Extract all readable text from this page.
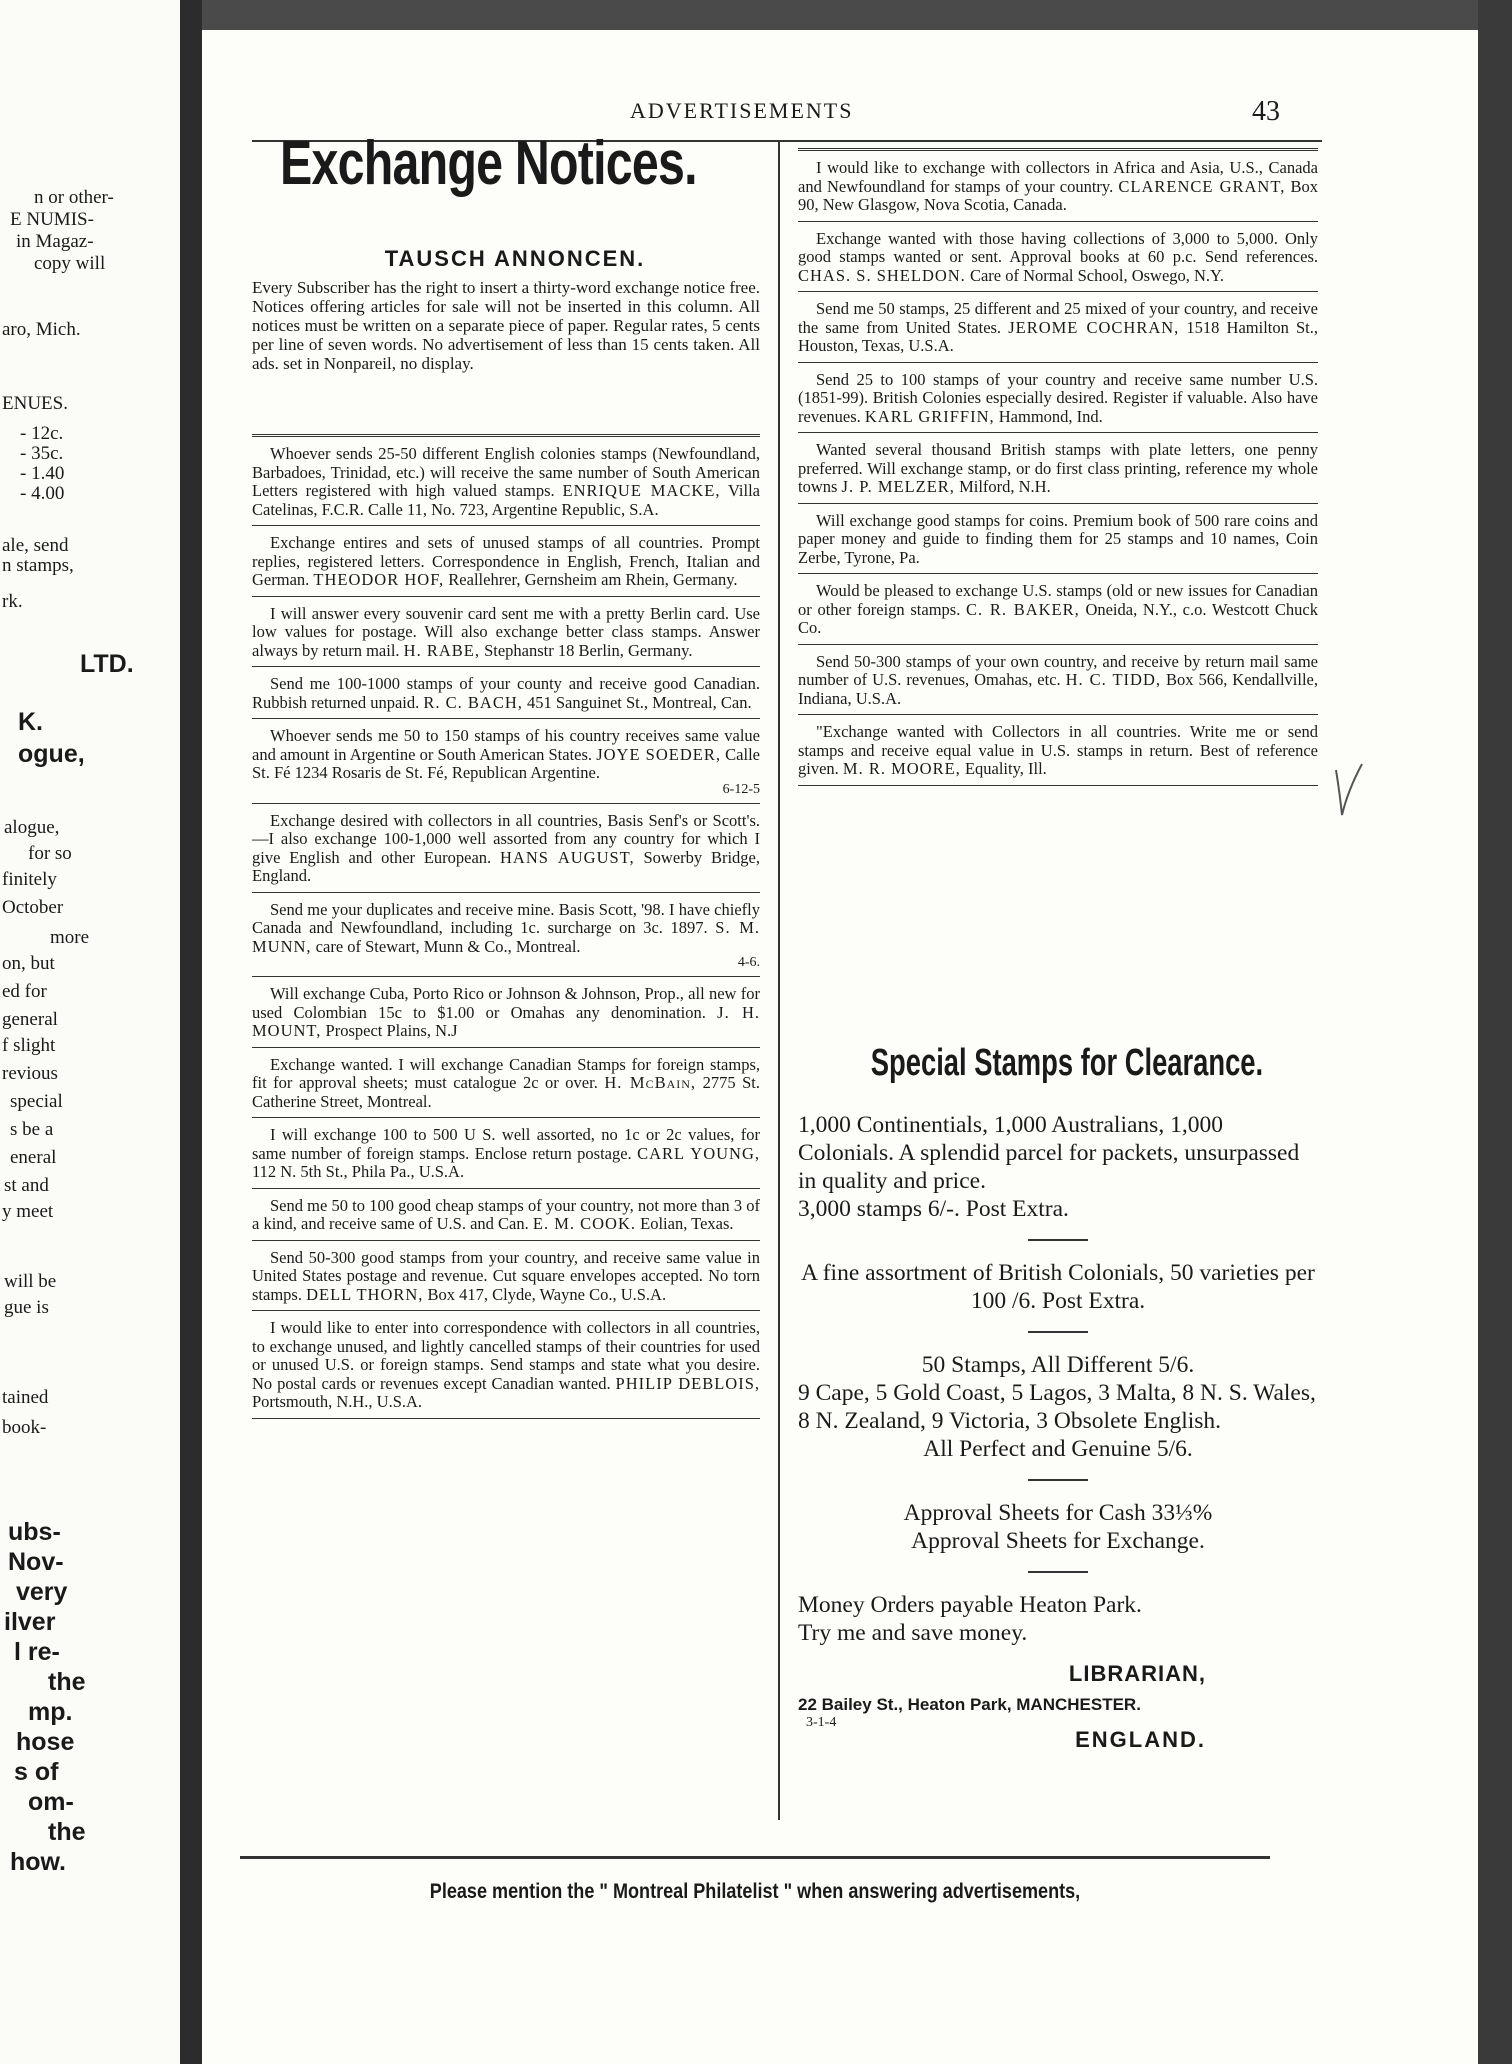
n or other-
E NUMIS-
in Magaz-
copy will
aro, Mich.
ENUES.
- 12c.
- 35c.
- 1.40
- 4.00
ale, send
n stamps,
rk.
LTD.
K.
ogue,
alogue,
for so
finitely
October
more
on, but
ed for
general
f slight
revious
special
s be a
eneral
st and
y meet
will be
gue is
tained
book-
ubs-
Nov-
very
ilver
l re-
the
mp.
hose
s of
om-
the
how.
ADVERTISEMENTS	43
Exchange Notices.
TAUSCH ANNONCEN.
Every Subscriber has the right to insert a thirty-word exchange notice free. Notices offering articles for sale will not be inserted in this column. All notices must be written on a separate piece of paper. Regular rates, 5 cents per line of seven words. No advertisement of less than 15 cents taken. All ads. set in Nonpareil, no display.
Whoever sends 25-50 different English colonies stamps (Newfoundland, Barbadoes, Trinidad, etc.) will receive the same number of South American Letters registered with high valued stamps. ENRIQUE MACKE, Villa Catelinas, F.C.R. Calle 11, No. 723, Argentine Republic, S.A.
Exchange entires and sets of unused stamps of all countries. Prompt replies, registered letters. Correspondence in English, French, Italian and German. THEODOR HOF, Reallehrer, Gernsheim am Rhein, Germany.
I will answer every souvenir card sent me with a pretty Berlin card. Use low values for postage. Will also exchange better class stamps. Answer always by return mail. H. RABE, Stephanstr 18 Berlin, Germany.
Send me 100-1000 stamps of your county and receive good Canadian. Rubbish returned unpaid. R. C. BACH, 451 Sanguinet St., Montreal, Can.
Whoever sends me 50 to 150 stamps of his country receives same value and amount in Argentine or South American States. JOYE SOEDER, Calle St. Fé 1234 Rosaris de St. Fé, Republican Argentine.
6-12-5
Exchange desired with collectors in all countries, Basis Senf's or Scott's.—I also exchange 100-1,000 well assorted from any country for which I give English and other European. HANS AUGUST, Sowerby Bridge, England.
Send me your duplicates and receive mine. Basis Scott, '98. I have chiefly Canada and Newfoundland, including 1c. surcharge on 3c. 1897. S. M. MUNN, care of Stewart, Munn & Co., Montreal.
4-6.
Will exchange Cuba, Porto Rico or Johnson & Johnson, Prop., all new for used Colombian 15c to $1.00 or Omahas any denomination. J. H. MOUNT, Prospect Plains, N.J
Exchange wanted. I will exchange Canadian Stamps for foreign stamps, fit for approval sheets; must catalogue 2c or over. H. McBain, 2775 St. Catherine Street, Montreal.
I will exchange 100 to 500 U S. well assorted, no 1c or 2c values, for same number of foreign stamps. Enclose return postage. CARL YOUNG, 112 N. 5th St., Phila Pa., U.S.A.
Send me 50 to 100 good cheap stamps of your country, not more than 3 of a kind, and receive same of U.S. and Can. E. M. COOK. Eolian, Texas.
Send 50-300 good stamps from your country, and receive same value in United States postage and revenue. Cut square envelopes accepted. No torn stamps. DELL THORN, Box 417, Clyde, Wayne Co., U.S.A.
I would like to enter into correspondence with collectors in all countries, to exchange unused, and lightly cancelled stamps of their countries for used or unused U.S. or foreign stamps. Send stamps and state what you desire. No postal cards or revenues except Canadian wanted. PHILIP DEBLOIS, Portsmouth, N.H., U.S.A.
I would like to exchange with collectors in Africa and Asia, U.S., Canada and Newfoundland for stamps of your country. CLARENCE GRANT, Box 90, New Glasgow, Nova Scotia, Canada.
Exchange wanted with those having collections of 3,000 to 5,000. Only good stamps wanted or sent. Approval books at 60 p.c. Send references. CHAS. S. SHELDON. Care of Normal School, Oswego, N.Y.
Send me 50 stamps, 25 different and 25 mixed of your country, and receive the same from United States. JEROME COCHRAN, 1518 Hamilton St., Houston, Texas, U.S.A.
Send 25 to 100 stamps of your country and receive same number U.S. (1851-99). British Colonies especially desired. Register if valuable. Also have revenues. KARL GRIFFIN, Hammond, Ind.
Wanted several thousand British stamps with plate letters, one penny preferred. Will exchange stamp, or do first class printing, reference my whole towns J. P. MELZER, Milford, N.H.
Will exchange good stamps for coins. Premium book of 500 rare coins and paper money and guide to finding them for 25 stamps and 10 names, Coin Zerbe, Tyrone, Pa.
Would be pleased to exchange U.S. stamps (old or new issues for Canadian or other foreign stamps. C. R. BAKER, Oneida, N.Y., c.o. Westcott Chuck Co.
Send 50-300 stamps of your own country, and receive by return mail same number of U.S. revenues, Omahas, etc. H. C. TIDD, Box 566, Kendallville, Indiana, U.S.A.
"Exchange wanted with Collectors in all countries. Write me or send stamps and receive equal value in U.S. stamps in return. Best of reference given. M. R. MOORE, Equality, Ill.
Special Stamps for Clearance.

1,000 Continentials, 1,000 Australians, 1,000 Colonials. A splendid parcel for packets, unsurpassed in quality and price.

3,000 stamps 6/-. Post Extra.

A fine assortment of British Colonials, 50 varieties per 100 /6. Post Extra.

50 Stamps, All Different 5/6.

9 Cape, 5 Gold Coast, 5 Lagos, 3 Malta, 8 N. S. Wales, 8 N. Zealand, 9 Victoria, 3 Obsolete English.

All Perfect and Genuine 5/6.

Approval Sheets for Cash 33⅓%

Approval Sheets for Exchange.

Money Orders payable Heaton Park.

Try me and save money.

LIBRARIAN,
22 Bailey St., Heaton Park, MANCHESTER.
3-1-4
ENGLAND.
Please mention the " Montreal Philatelist " when answering advertisements,
